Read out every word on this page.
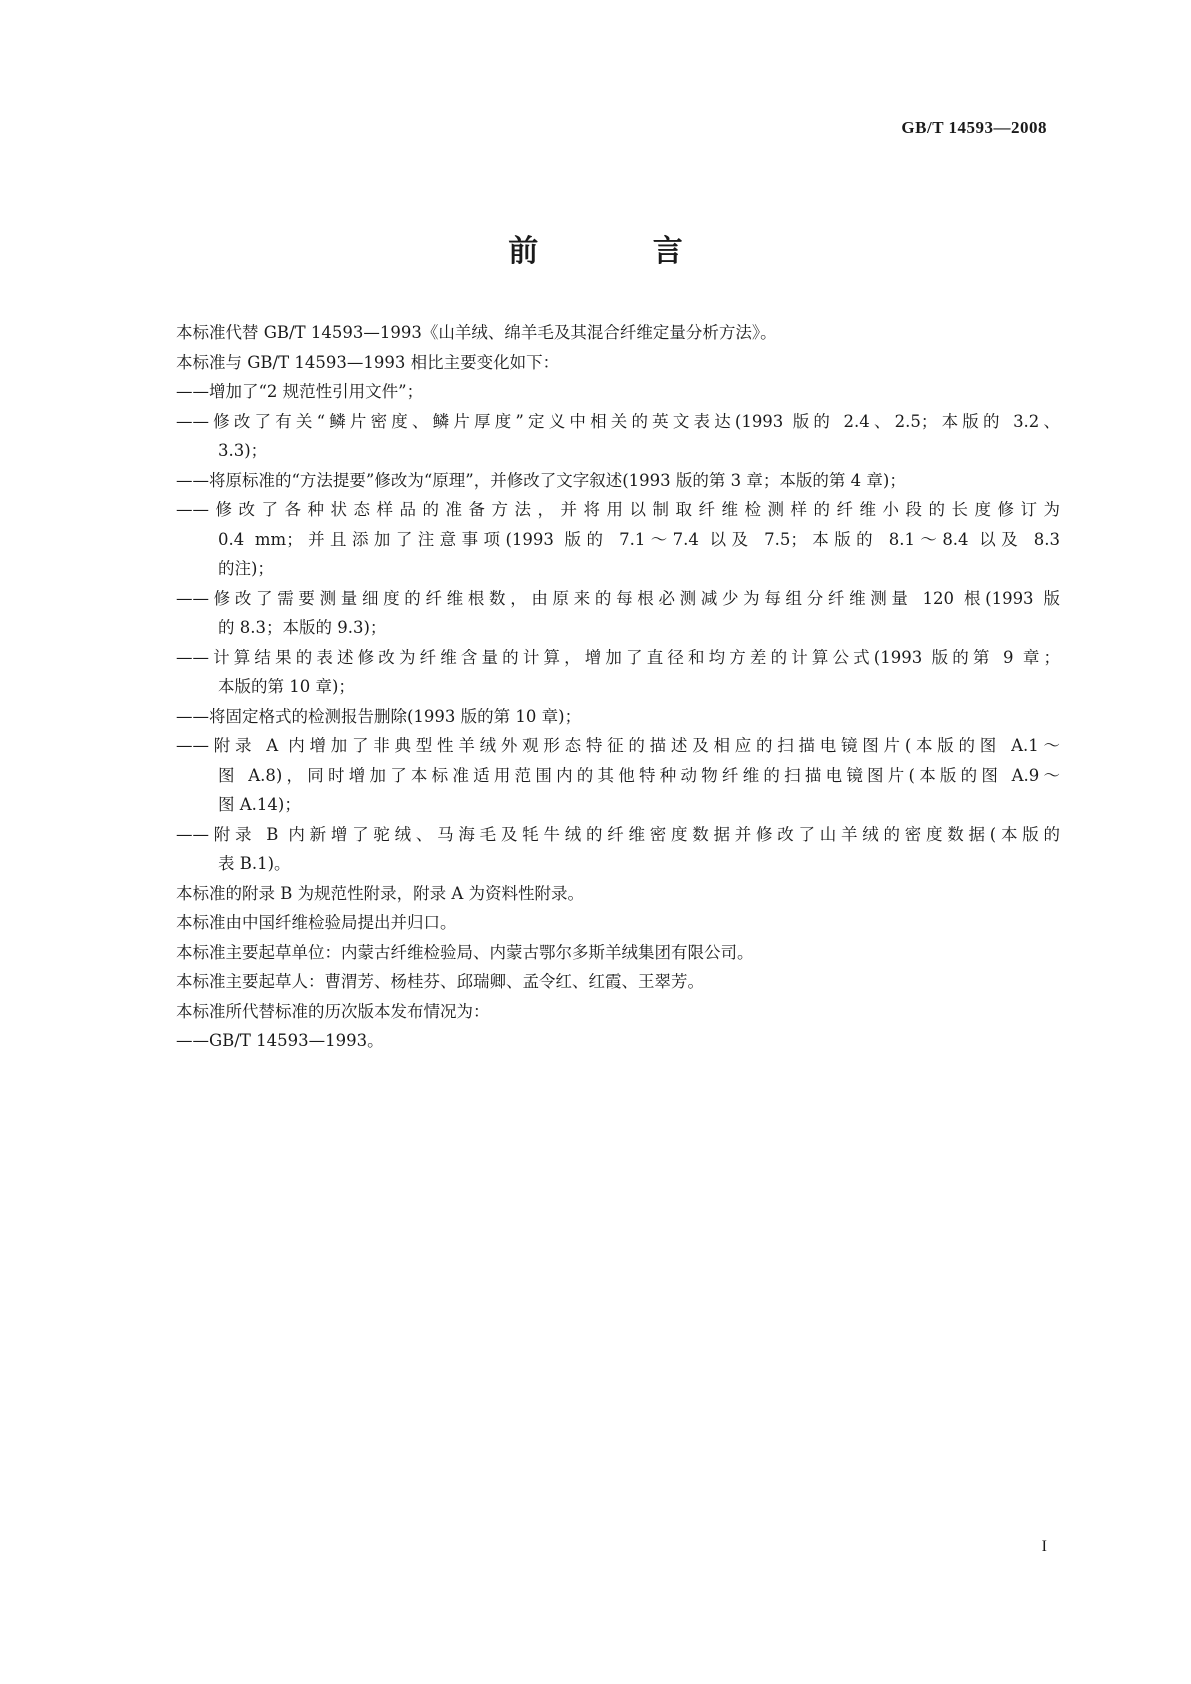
GB/T 14593—2008
前 言
本标准代替 GB/T 14593—1993《山羊绒、绵羊毛及其混合纤维定量分析方法》。
本标准与 GB/T 14593—1993 相比主要变化如下：
——增加了“2 规范性引用文件”；
——修改了有关“鳞片密度、鳞片厚度”定义中相关的英文表达(1993 版的 2.4、2.5；本版的 3.2、
3.3)；
——将原标准的“方法提要”修改为“原理”，并修改了文字叙述(1993 版的第 3 章；本版的第 4 章)；
——修改了各种状态样品的准备方法，并将用以制取纤维检测样的纤维小段的长度修订为
0.4 mm；并且添加了注意事项(1993 版的 7.1～7.4 以及 7.5；本版的 8.1～8.4 以及 8.3
的注)；
——修改了需要测量细度的纤维根数，由原来的每根必测减少为每组分纤维测量 120 根(1993 版
的 8.3；本版的 9.3)；
——计算结果的表述修改为纤维含量的计算，增加了直径和均方差的计算公式(1993 版的第 9 章；
本版的第 10 章)；
——将固定格式的检测报告删除(1993 版的第 10 章)；
——附录 A 内增加了非典型性羊绒外观形态特征的描述及相应的扫描电镜图片(本版的图 A.1～
图 A.8)，同时增加了本标准适用范围内的其他特种动物纤维的扫描电镜图片(本版的图 A.9～
图 A.14)；
——附录 B 内新增了驼绒、马海毛及牦牛绒的纤维密度数据并修改了山羊绒的密度数据(本版的
表 B.1)。
本标准的附录 B 为规范性附录，附录 A 为资料性附录。
本标准由中国纤维检验局提出并归口。
本标准主要起草单位：内蒙古纤维检验局、内蒙古鄂尔多斯羊绒集团有限公司。
本标准主要起草人：曹渭芳、杨桂芬、邱瑞卿、孟令红、红霞、王翠芳。
本标准所代替标准的历次版本发布情况为：
——GB/T 14593—1993。
I
